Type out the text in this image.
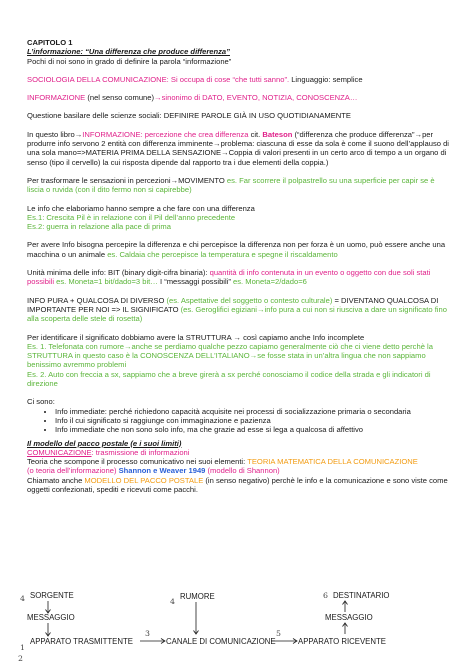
CAPITOLO 1

L’informazione: “Una differenza che produce differenza”

Pochi di noi sono in grado di definire la parola “informazione”

SOCIOLOGIA DELLA COMUNICAZIONE: Si occupa di cose “che tutti sanno”. Linguaggio: semplice

INFORMAZIONE (nel senso comune)→sinonimo di DATO, EVENTO, NOTIZIA, CONOSCENZA…

Questione basilare delle scienze sociali: DEFINIRE PAROLE GIÀ IN USO QUOTIDIANAMENTE

In questo libro→INFORMAZIONE: percezione che crea differenza cit. Bateson (“differenza che produce differenza”→per produrre info servono 2 entità con differenza imminente→problema: ciascuna di esse da sola è come il suono dell’applauso di una sola mano=>MATERIA PRIMA DELLA SENSAZIONE→Coppia di valori presenti in un certo arco di tempo a un organo di senso (tipo il cervello) la cui risposta dipende dal rapporto tra i due elementi della coppia.)

Per trasformare le sensazioni in percezioni→MOVIMENTO es. Far scorrere il polpastrello su una superficie per capir se è liscia o ruvida (con il dito fermo non si capirebbe)

Le info che elaboriamo hanno sempre a che fare con una differenza

Es.1: Crescita Pil è in relazione con il Pil dell’anno precedente

Es.2: guerra in relazione alla pace di prima

Per avere Info bisogna percepire la differenza e chi percepisce la differenza non per forza è un uomo, può essere anche una macchina o un animale es. Caldaia che percepisce la temperatura e spegne il riscaldamento

Unità minima delle info: BIT (binary digit-cifra binaria): quantità di info contenuta in un evento o oggetto con due soli stati possibili es. Moneta=1 bit/dado=3 bit… I “messaggi possibili” es. Moneta=2/dado=6

INFO PURA + QUALCOSA DI DIVERSO (es. Aspettative del soggetto o contesto culturale) = DIVENTANO QUALCOSA DI IMPORTANTE PER NOI => IL SIGNIFICATO (es. Geroglifici egiziani→info pura a cui non si riusciva a dare un significato fino alla scoperta delle stele di rosetta)

Per identificare il significato dobbiamo avere la STRUTTURA → così capiamo anche Info incomplete

Es. 1. Telefonata con rumore→anche se perdiamo qualche pezzo capiamo generalmente ciò che ci viene detto perchè la STRUTTURA in questo caso è la CONOSCENZA DELL’ITALIANO→se fosse stata in un’altra lingua che non sappiamo benissimo avremmo problemi

Es. 2. Auto con freccia a sx, sappiamo che a breve girerà a sx perché conosciamo il codice della strada e gli indicatori di direzione

Ci sono:

• Info immediate: perché richiedono capacità acquisite nei processi di socializzazione primaria o secondaria
• Info il cui significato si raggiunge con immaginazione e pazienza
• Info immediate che non sono solo info, ma che grazie ad esse si lega a qualcosa di affettivo

Il modello del pacco postale (e i suoi limiti)

COMUNICAZIONE: trasmissione di informazioni

Teoria che scompone il processo comunicativo nei suoi elementi: TEORIA MATEMATICA DELLA COMUNICAZIONE

(o teoria dell’informazione) Shannon e Weaver 1949 (modello di Shannon)

Chiamato anche MODELLO DEL PACCO POSTALE (in senso negativo) perchè le info e la comunicazione e sono viste come oggetti confezionati, spediti e ricevuti come pacchi.

4 SORGENTE
MESSAGGIO
1
APPARATO TRASMITTENTE
3
4
RUMORE
CANALE DI COMUNICAZIONE
5
APPARATO RICEVENTE
MESSAGGIO
6 DESTINATARIO
2
